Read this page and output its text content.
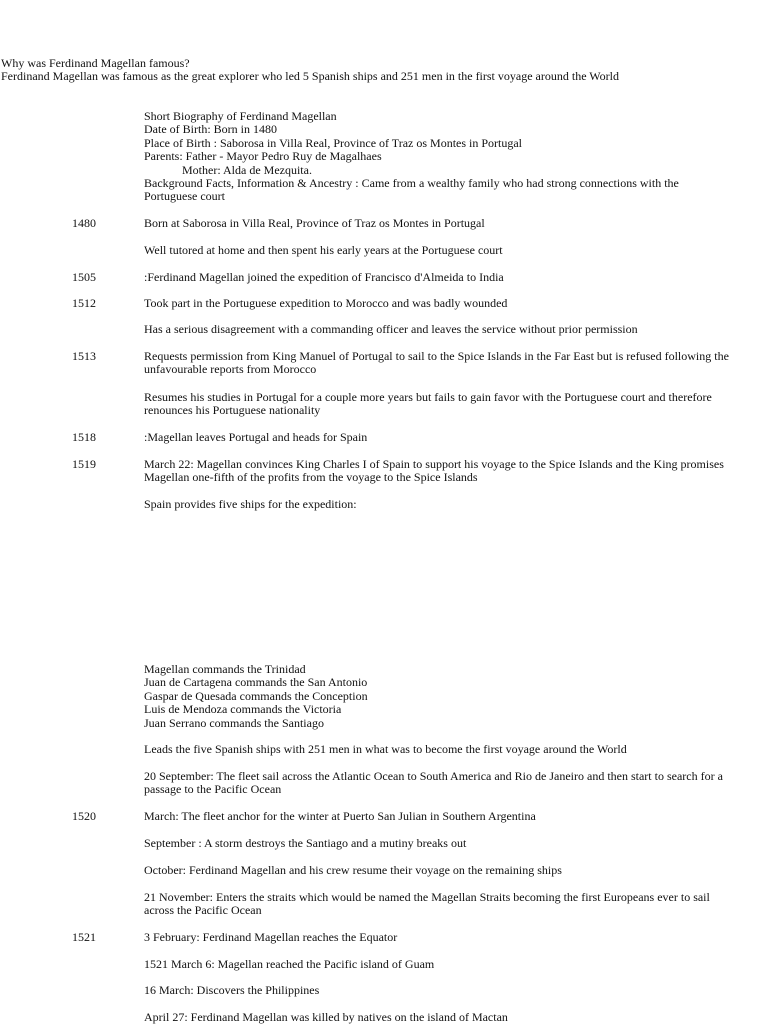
Why was Ferdinand Magellan famous?
Ferdinand Magellan was famous as the great explorer who led 5 Spanish ships and 251 men in the first voyage around the World
Short Biography of Ferdinand Magellan
Date of Birth: Born in 1480
Place of Birth : Saborosa in Villa Real, Province of Traz os Montes in Portugal
Parents: Father - Mayor Pedro Ruy de Magalhaes
Mother: Alda de Mezquita.
Background Facts, Information & Ancestry : Came from a wealthy family who had strong connections with the Portuguese court
1480	Born at Saborosa in Villa Real, Province of Traz os Montes in Portugal
Well tutored at home and then spent his early years at the Portuguese court
1505	:Ferdinand Magellan joined the expedition of Francisco d'Almeida to India
1512	Took part in the Portuguese expedition to Morocco and was badly wounded
Has a serious disagreement with a commanding officer and leaves the service without prior permission
1513	Requests permission from King Manuel of Portugal to sail to the Spice Islands in the Far East but is refused following the unfavourable reports from Morocco
Resumes his studies in Portugal for a couple more years but fails to gain favor with the Portuguese court and therefore renounces his Portuguese nationality
1518	:Magellan leaves Portugal and heads for Spain
1519	March 22: Magellan convinces King Charles I of Spain to support his voyage to the Spice Islands and the King promises Magellan one-fifth of the profits from the voyage to the Spice Islands
Spain provides five ships for the expedition:
Magellan commands the Trinidad
Juan de Cartagena commands the San Antonio
Gaspar de Quesada commands the Conception
Luis de Mendoza commands the Victoria
Juan Serrano commands the Santiago
Leads the five Spanish ships with 251 men in what was to become the first voyage around the World
20 September: The fleet sail across the Atlantic Ocean to South America and Rio de Janeiro and then start to search for a passage to the Pacific Ocean
1520	March: The fleet anchor for the winter at Puerto San Julian in Southern Argentina
September : A storm destroys the Santiago and a mutiny breaks out
October: Ferdinand Magellan and his crew resume their voyage on the remaining ships
21 November: Enters the straits which would be named the Magellan Straits becoming the first Europeans ever to sail across the Pacific Ocean
1521	3 February: Ferdinand Magellan reaches the Equator
1521 March 6: Magellan reached the Pacific island of Guam
16 March: Discovers the Philippines
April 27: Ferdinand Magellan was killed by natives on the island of Mactan
